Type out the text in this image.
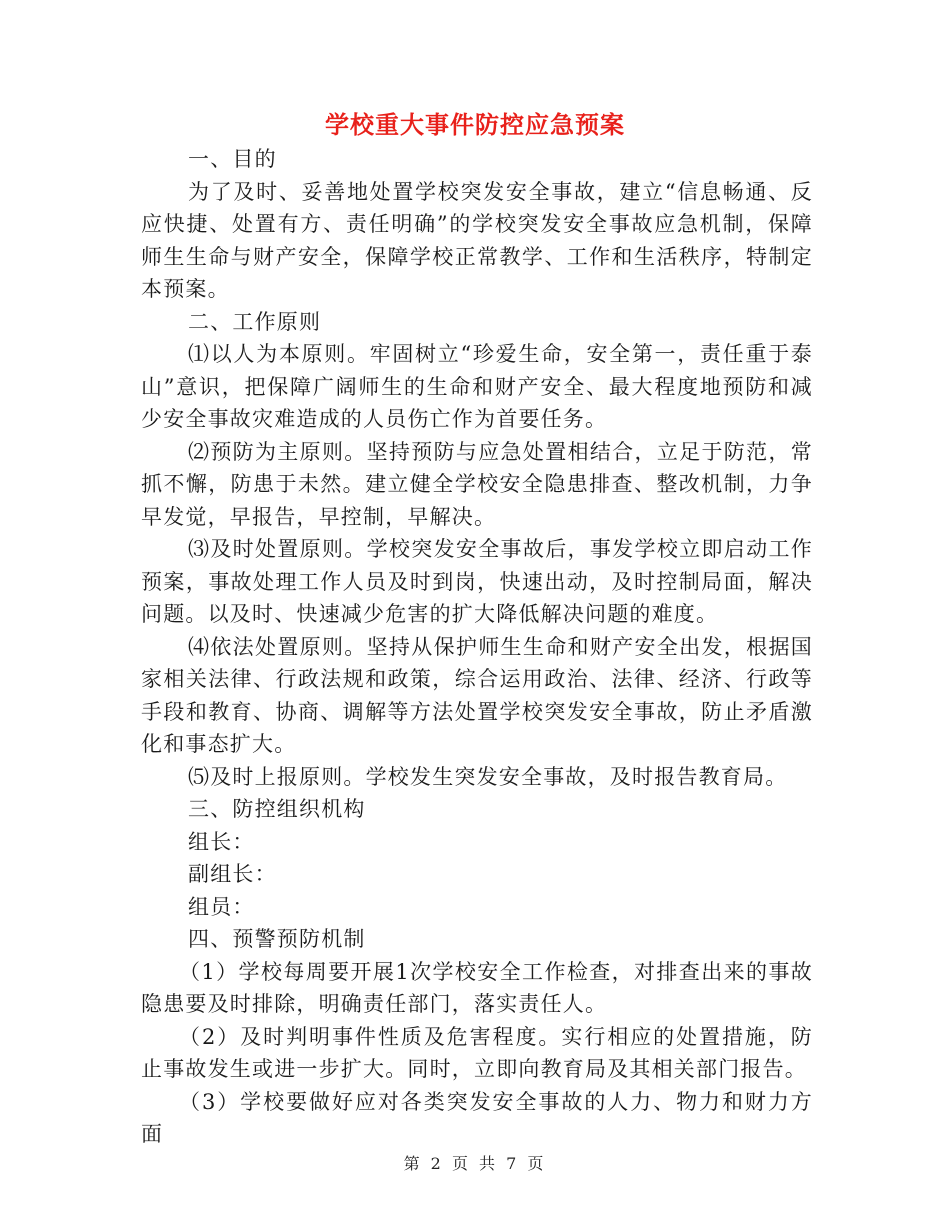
学校重大事件防控应急预案

一、目的

为了及时、妥善地处置学校突发安全事故，建立“信息畅通、反应快捷、处置有方、责任明确”的学校突发安全事故应急机制，保障师生生命与财产安全，保障学校正常教学、工作和生活秩序，特制定本预案。

二、工作原则

⑴以人为本原则。牢固树立“珍爱生命，安全第一，责任重于泰山”意识，把保障广阔师生的生命和财产安全、最大程度地预防和减少安全事故灾难造成的人员伤亡作为首要任务。

⑵预防为主原则。坚持预防与应急处置相结合，立足于防范，常抓不懈，防患于未然。建立健全学校安全隐患排查、整改机制，力争早发觉，早报告，早控制，早解决。

⑶及时处置原则。学校突发安全事故后，事发学校立即启动工作预案，事故处理工作人员及时到岗，快速出动，及时控制局面，解决问题。以及时、快速减少危害的扩大降低解决问题的难度。

⑷依法处置原则。坚持从保护师生生命和财产安全出发，根据国家相关法律、行政法规和政策，综合运用政治、法律、经济、行政等手段和教育、协商、调解等方法处置学校突发安全事故，防止矛盾激化和事态扩大。

⑸及时上报原则。学校发生突发安全事故，及时报告教育局。

三、防控组织机构

组长：

副组长：

组员：

四、预警预防机制

（1）学校每周要开展1次学校安全工作检查，对排查出来的事故隐患要及时排除，明确责任部门，落实责任人。

（2）及时判明事件性质及危害程度。实行相应的处置措施，防止事故发生或进一步扩大。同时，立即向教育局及其相关部门报告。

（3）学校要做好应对各类突发安全事故的人力、物力和财力方面

第 2 页 共 7 页
